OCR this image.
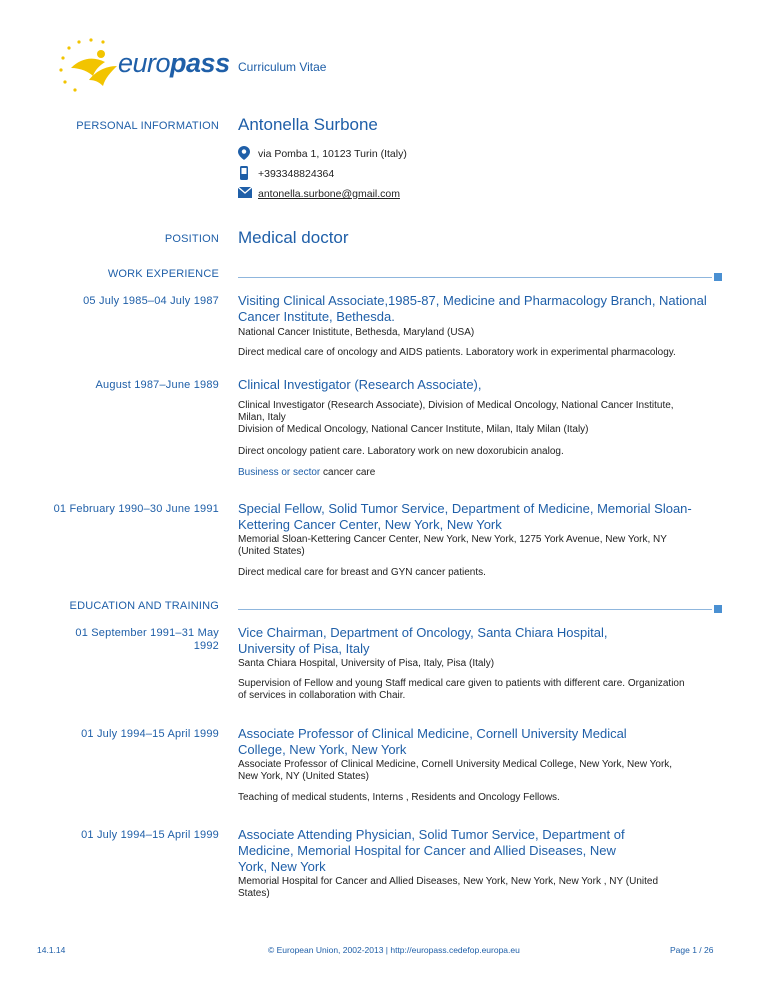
europass Curriculum Vitae
PERSONAL INFORMATION Antonella Surbone
via Pomba 1, 10123 Turin (Italy)
+393348824364
antonella.surbone@gmail.com
POSITION Medical doctor
WORK EXPERIENCE
05 July 1985–04 July 1987 Visiting Clinical Associate,1985-87, Medicine and Pharmacology Branch, National
Cancer Institute, Bethesda.
National Cancer Inistitute, Bethesda, Maryland (USA)
Direct medical care of oncology and AIDS patients. Laboratory work in experimental pharmacology.
August 1987–June 1989 Clinical Investigator (Research Associate),
Clinical Investigator (Research Associate), Division of Medical Oncology, National Cancer Institute,
Milan, Italy
Division of Medical Oncology, National Cancer Institute, Milan, Italy Milan (Italy)
Direct oncology patient care. Laboratory work on new doxorubicin analog.
Business or sector cancer care
01 February 1990–30 June 1991 Special Fellow, Solid Tumor Service, Department of Medicine, Memorial Sloan-
Kettering Cancer Center, New York, New York
Memorial Sloan-Kettering Cancer Center, New York, New York, 1275 York Avenue, New York, NY
(United States)
Direct medical care for breast and GYN cancer patients.
EDUCATION AND TRAINING
01 September 1991–31 May
1992
Vice Chairman, Department of Oncology, Santa Chiara Hospital,
University of Pisa, Italy
Santa Chiara Hospital, University of Pisa, Italy, Pisa (Italy)
Supervision of Fellow and young Staff medical care given to patients with different care. Organization
of services in collaboration with Chair.
01 July 1994–15 April 1999 Associate Professor of Clinical Medicine, Cornell University Medical
College, New York, New York
Associate Professor of Clinical Medicine, Cornell University Medical College, New York, New York,
New York, NY (United States)
Teaching of medical students, Interns , Residents and Oncology Fellows.
01 July 1994–15 April 1999 Associate Attending Physician, Solid Tumor Service, Department of
Medicine, Memorial Hospital for Cancer and Allied Diseases, New
York, New York
Memorial Hospital for Cancer and Allied Diseases, New York, New York, New York , NY (United
States)
14.1.14	© European Union, 2002-2013 | http://europass.cedefop.europa.eu	Page 1 / 26
